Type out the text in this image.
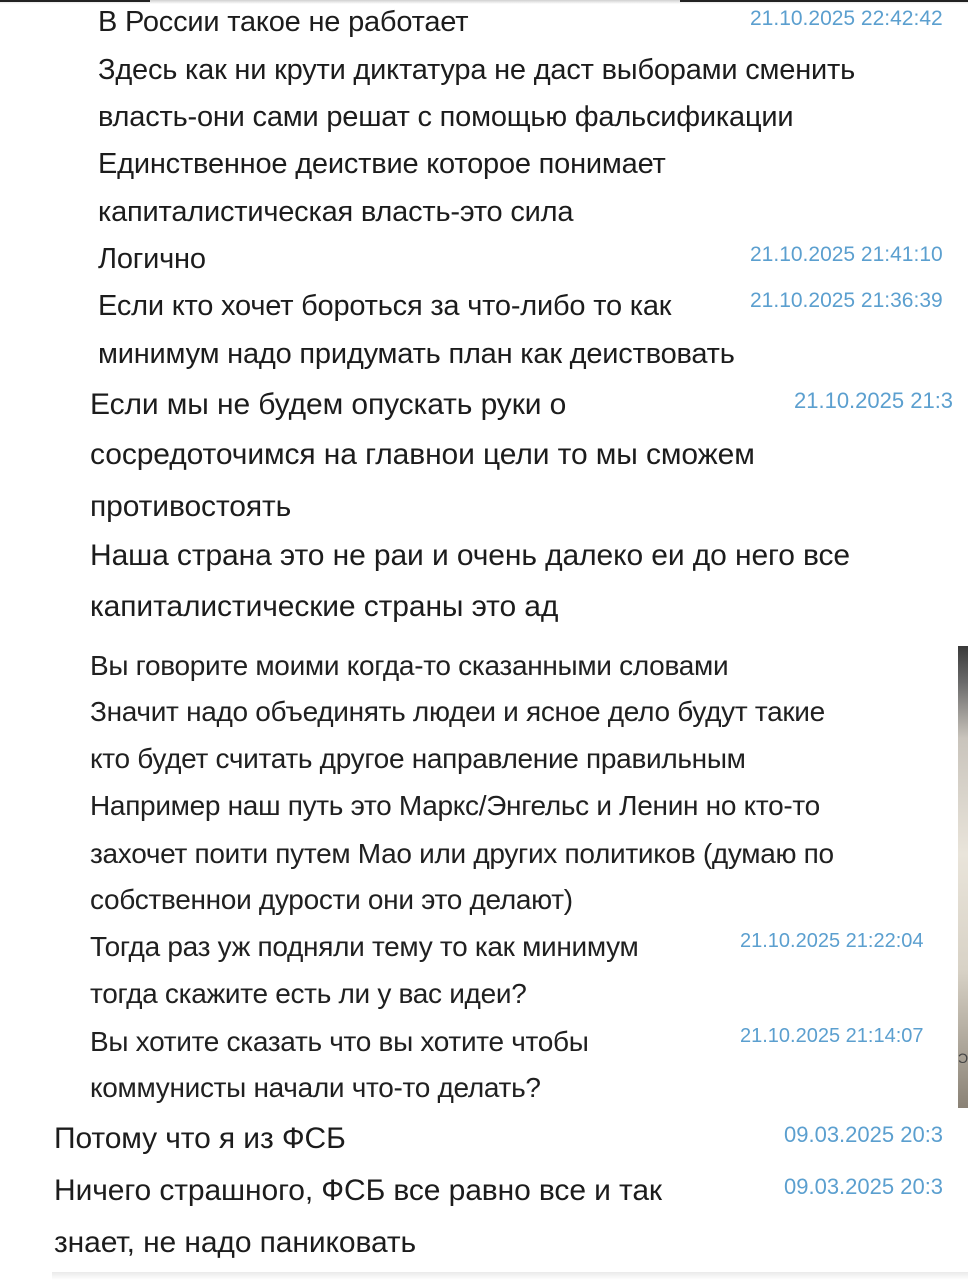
В России такое не работает	21.10.2025 22:42:42
Здесь как ни крути диктатура не даст выборами сменить
власть-они сами решат с помощью фальсификации
Единственное деиствие которое понимает
капиталистическая власть-это сила
Логично	21.10.2025 21:41:10
Если кто хочет бороться за что-либо то как	21.10.2025 21:36:39
минимум надо придумать план как деиствовать
Если мы не будем опускать руки о	21.10.2025 21:3
сосредоточимся на главнои цели то мы сможем
противостоять
Наша страна это не раи и очень далеко еи до него все
капиталистические страны это ад
Вы говорите моими когда-то сказанными словами
Значит надо объединять людеи и ясное дело будут такие
кто будет считать другое направление правильным
Например наш путь это Маркс/Энгельс и Ленин но кто-то
захочет поити путем Мао или других политиков (думаю по
собственнои дурости они это делают)
Тогда раз уж подняли тему то как минимум	21.10.2025 21:22:04
тогда скажите есть ли у вас идеи?
Вы хотите сказать что вы хотите чтобы	21.10.2025 21:14:07
коммунисты начали что-то делать?
Ɔ
Потому что я из ФСБ	09.03.2025 20:3
Ничего страшного, ФСБ все равно все и так	09.03.2025 20:3
знает, не надо паниковать
